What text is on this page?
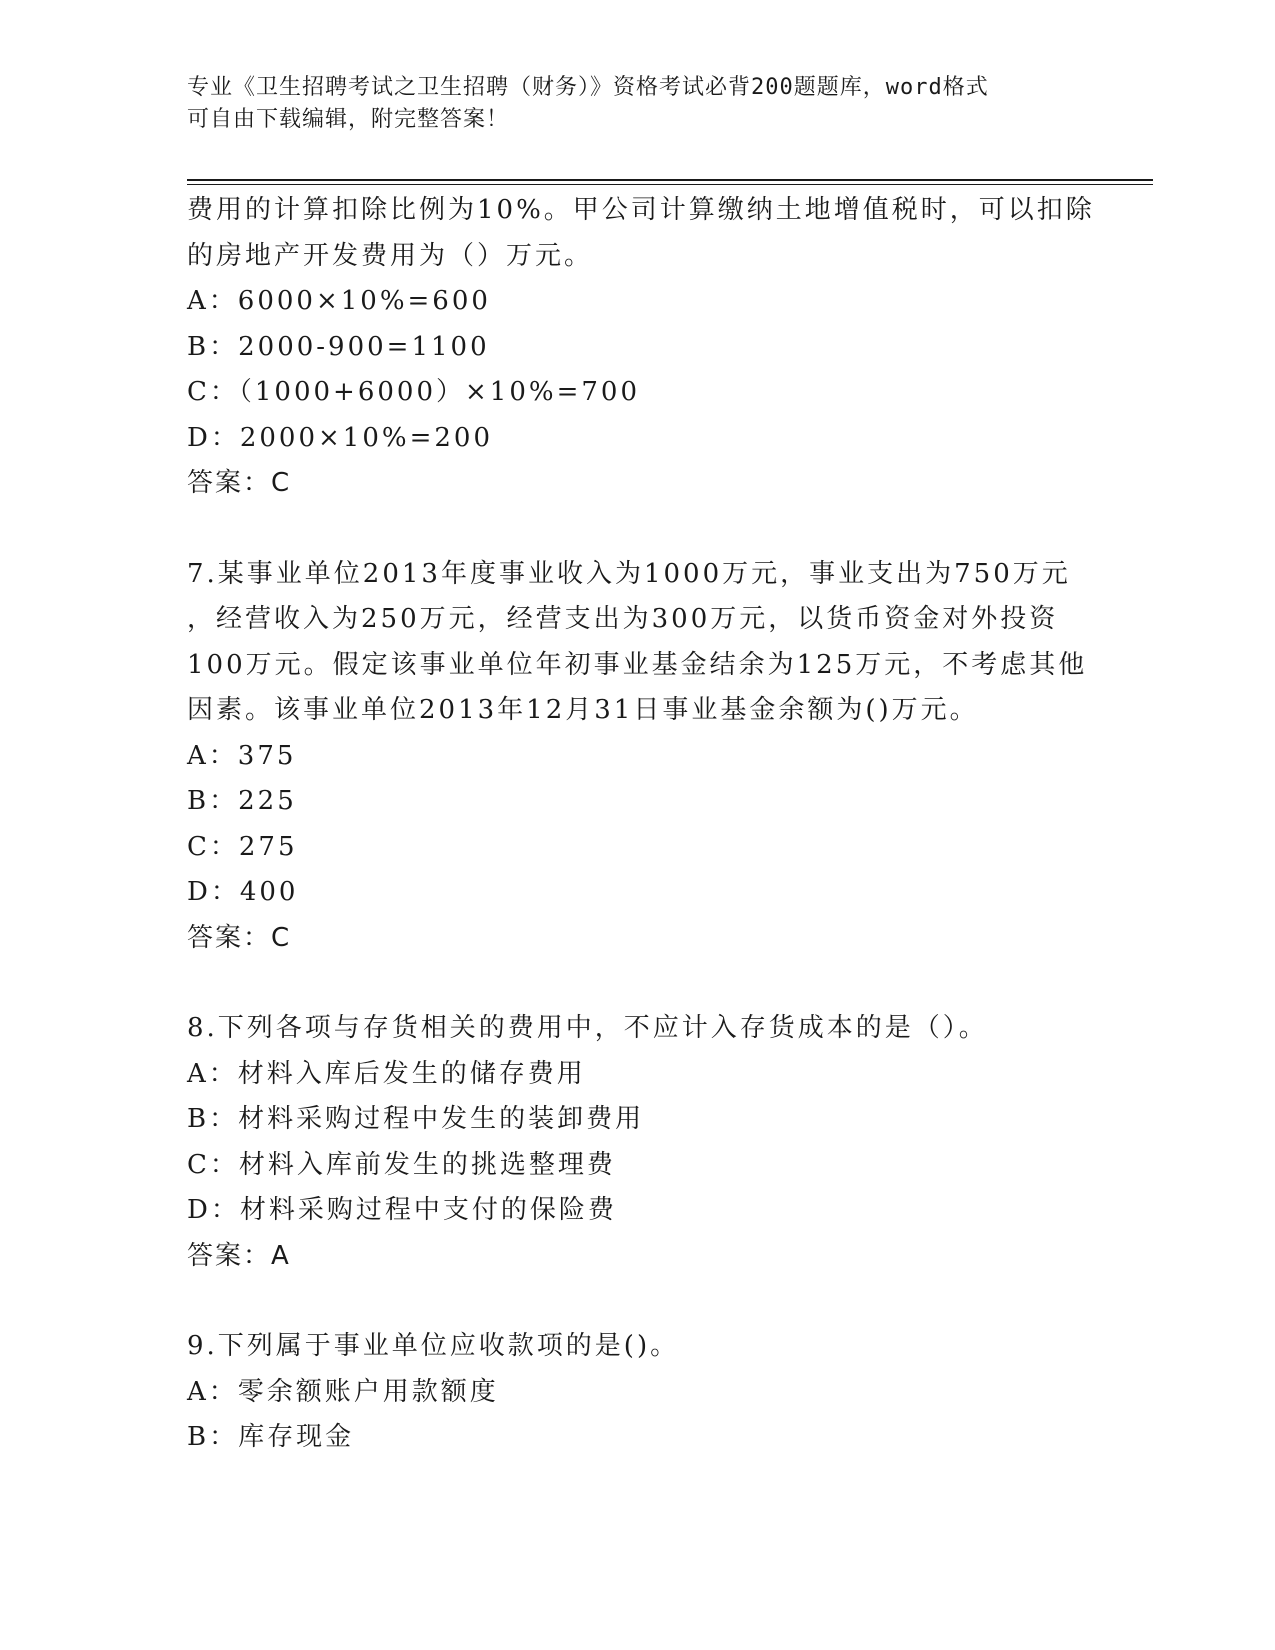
专业《卫生招聘考试之卫生招聘（财务）》资格考试必背200题题库，word格式
可自由下载编辑，附完整答案！
费用的计算扣除比例为10%。甲公司计算缴纳土地增值税时，可以扣除
的房地产开发费用为（）万元。
A：6000×10%=600
B：2000-900=1100
C：（1000+6000）×10%=700
D：2000×10%=200
答案：C
7.某事业单位2013年度事业收入为1000万元，事业支出为750万元
，经营收入为250万元，经营支出为300万元，以货币资金对外投资
100万元。假定该事业单位年初事业基金结余为125万元，不考虑其他
因素。该事业单位2013年12月31日事业基金余额为()万元。
A：375
B：225
C：275
D：400
答案：C
8.下列各项与存货相关的费用中，不应计入存货成本的是（）。
A：材料入库后发生的储存费用
B：材料采购过程中发生的装卸费用
C：材料入库前发生的挑选整理费
D：材料采购过程中支付的保险费
答案：A
9.下列属于事业单位应收款项的是()。
A：零余额账户用款额度
B：库存现金
